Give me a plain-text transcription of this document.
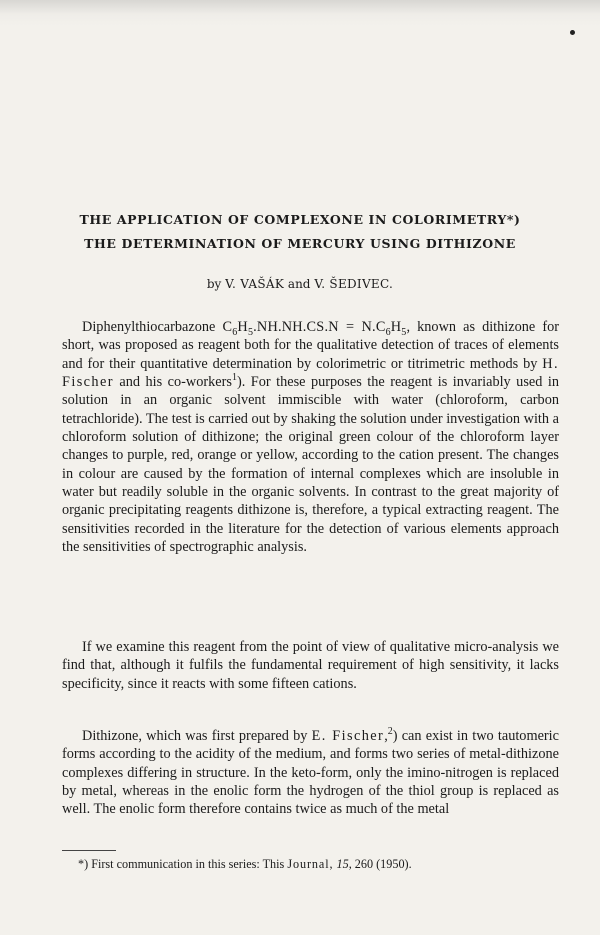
THE APPLICATION OF COMPLEXONE IN COLORIMETRY*)
THE DETERMINATION OF MERCURY USING DITHIZONE
by V. VAŠÁK and V. ŠEDIVEC.

Diphenylthiocarbazone $C_6H_5.NH.NH.CS.N = N.C_6H_5$, known as dithizone for short, was proposed as reagent both for the qualitative detection of traces of elements and for their quantitative determination by colorimetric or titrimetric methods by H. Fischer and his co-workers$^1$). For these purposes the reagent is invariably used in solution in an organic solvent immiscible with water (chloroform, carbon tetrachloride). The test is carried out by shaking the solution under investigation with a chloroform solution of dithizone; the original green colour of the chloroform layer changes to purple, red, orange or yellow, according to the cation present. The changes in colour are caused by the formation of internal complexes which are insoluble in water but readily soluble in the organic solvents. In contrast to the great majority of organic precipitating reagents dithizone is, therefore, a typical extracting reagent. The sensitivities recorded in the literature for the detection of various elements approach the sensitivities of spectrographic analysis.

If we examine this reagent from the point of view of qualitative micro-analysis we find that, although it fulfils the fundamental requirement of high sensitivity, it lacks specificity, since it reacts with some fifteen cations.

Dithizone, which was first prepared by E. Fischer,$^2$) can exist in two tautomeric forms according to the acidity of the medium, and forms two series of metal-dithizone complexes differing in structure. In the keto-form, only the imino-nitrogen is replaced by metal, whereas in the enolic form the hydrogen of the thiol group is replaced as well. The enolic form therefore contains twice as much of the metal

*) First communication in this series: This Journal, 15, 260 (1950).
